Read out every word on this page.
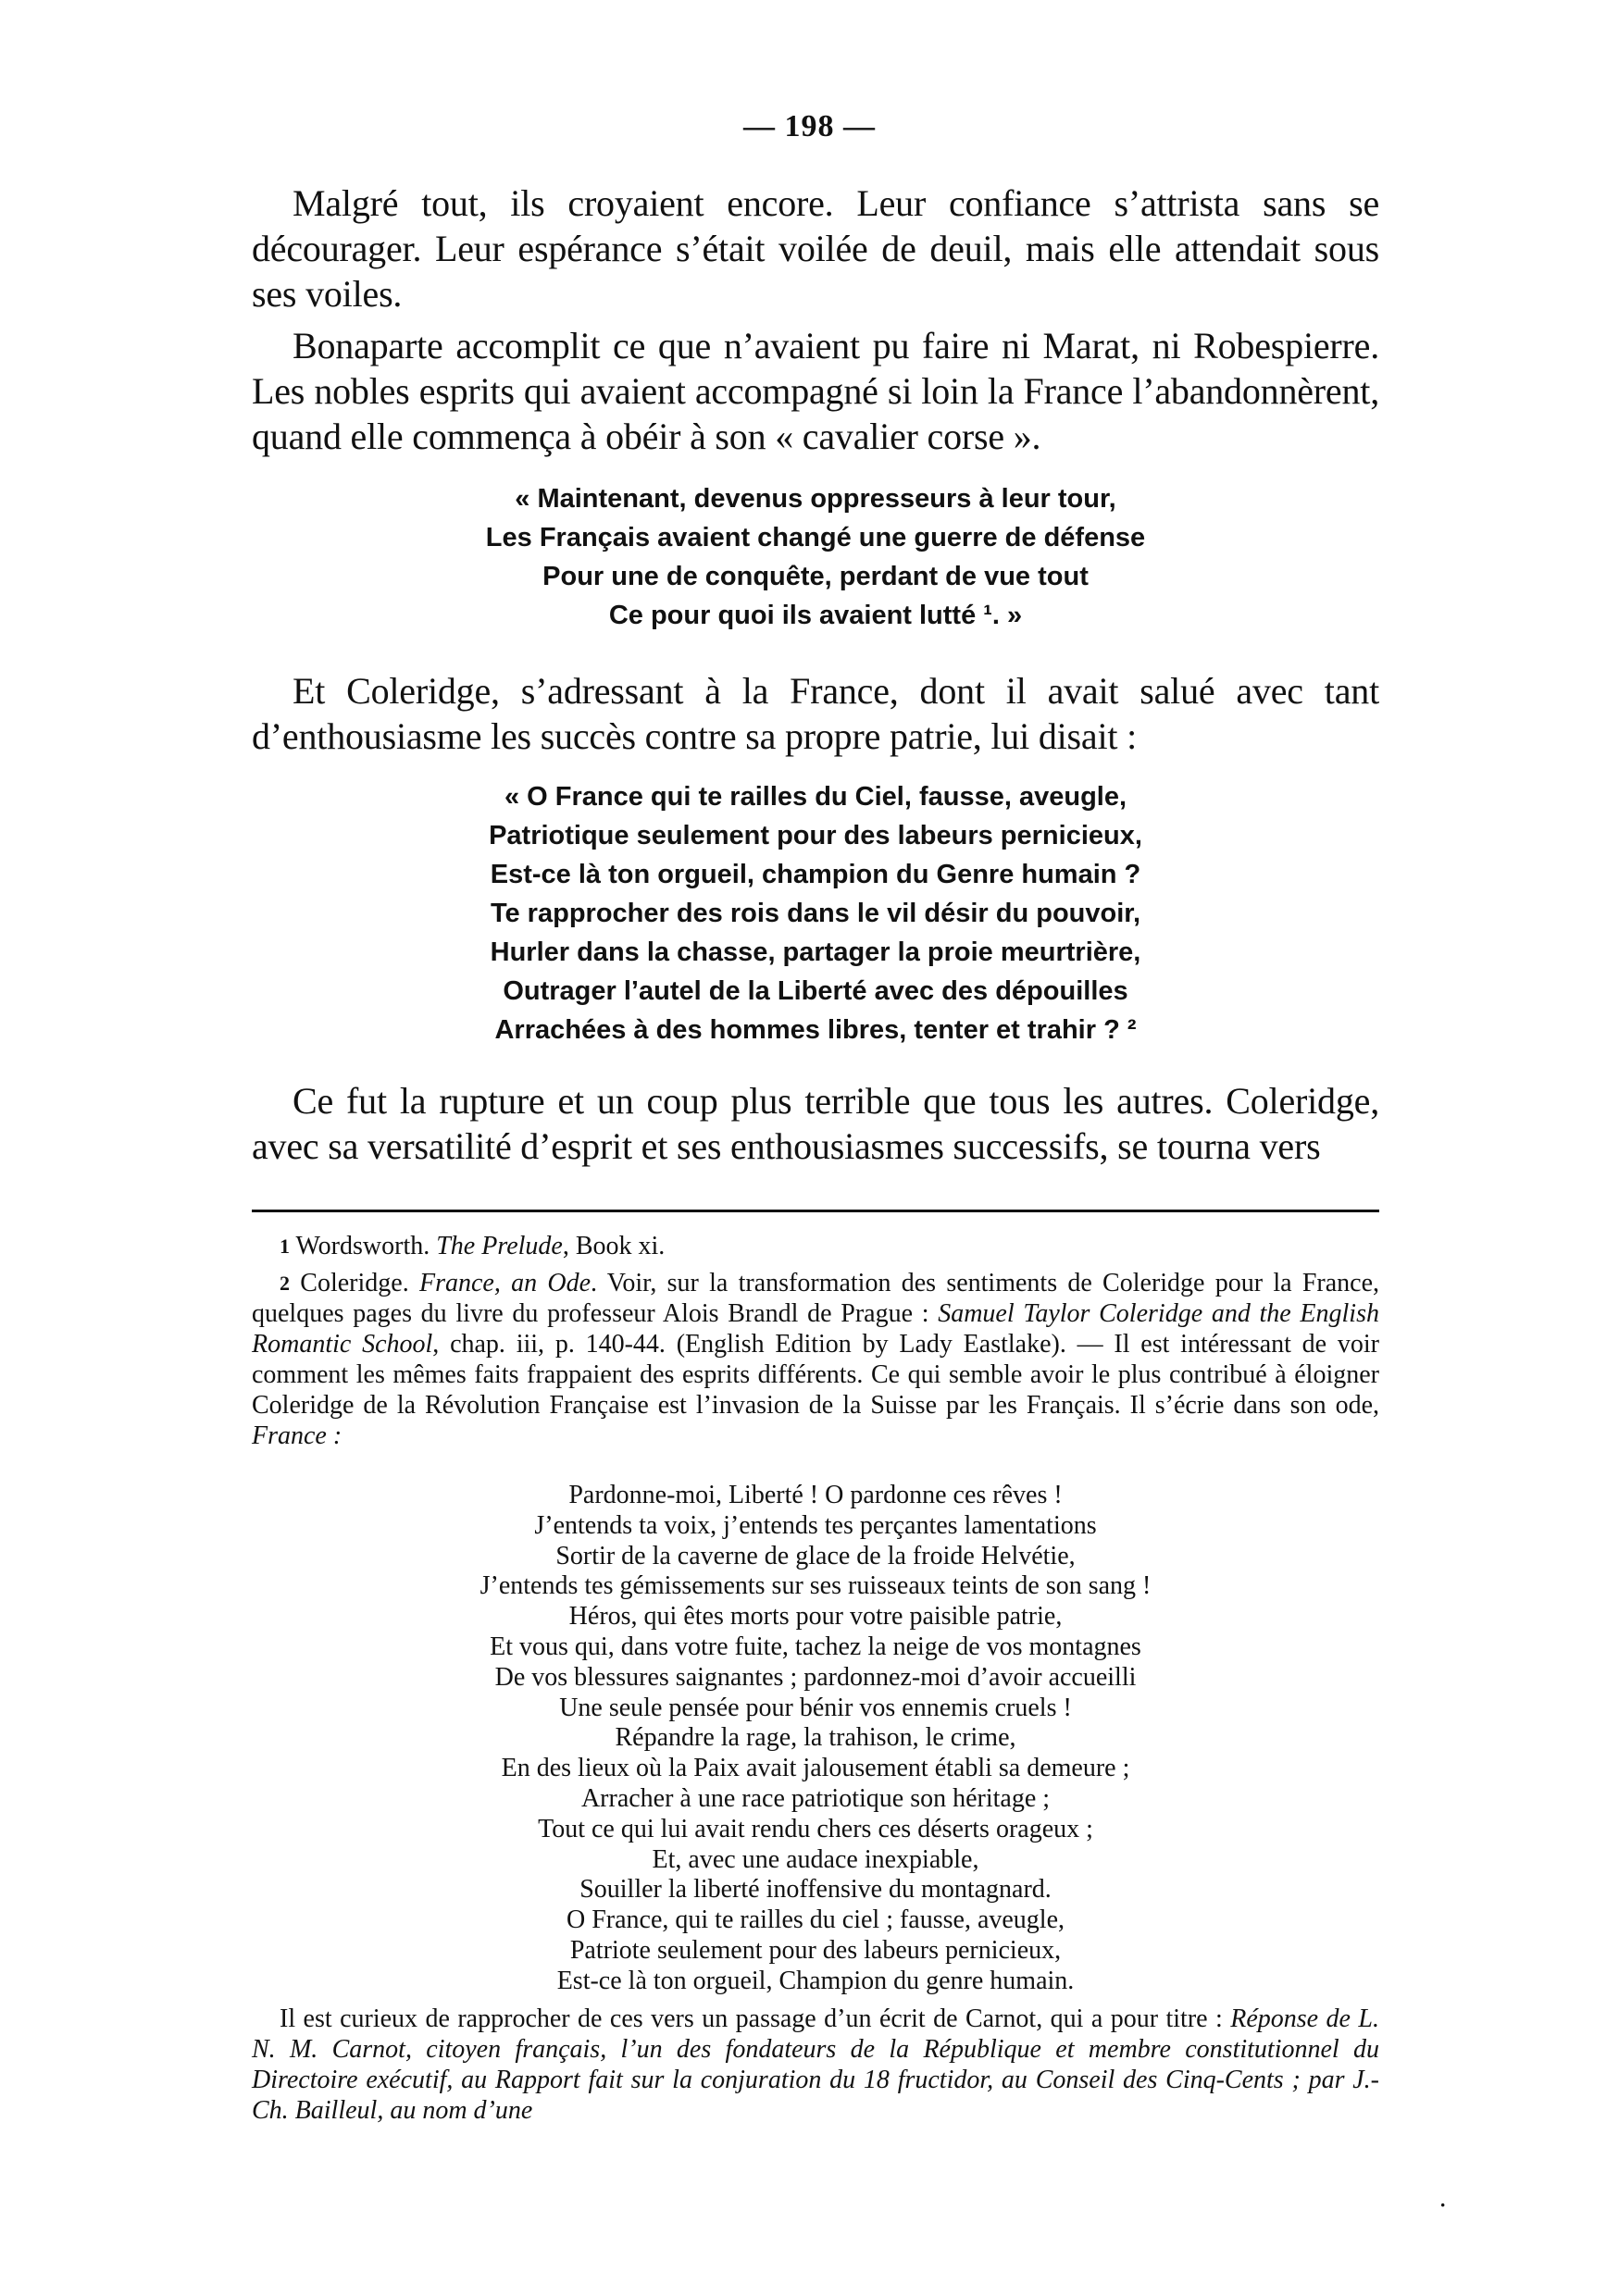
— 198 —

Malgré tout, ils croyaient encore. Leur confiance s’attrista sans se décourager. Leur espérance s’était voilée de deuil, mais elle attendait sous ses voiles.

Bonaparte accomplit ce que n’avaient pu faire ni Marat, ni Robespierre. Les nobles esprits qui avaient accompagné si loin la France l’abandonnèrent, quand elle commença à obéir à son « cavalier corse ».

« Maintenant, devenus oppresseurs à leur tour,
Les Français avaient changé une guerre de défense
Pour une de conquête, perdant de vue tout
Ce pour quoi ils avaient lutté ¹. »

Et Coleridge, s’adressant à la France, dont il avait salué avec tant d’enthousiasme les succès contre sa propre patrie, lui disait :

« O France qui te railles du Ciel, fausse, aveugle,
Patriotique seulement pour des labeurs pernicieux,
Est-ce là ton orgueil, champion du Genre humain ?
Te rapprocher des rois dans le vil désir du pouvoir,
Hurler dans la chasse, partager la proie meurtrière,
Outrager l’autel de la Liberté avec des dépouilles
Arrachées à des hommes libres, tenter et trahir ? ²

Ce fut la rupture et un coup plus terrible que tous les autres. Coleridge, avec sa versatilité d’esprit et ses enthousiasmes successifs, se tourna vers

$^1$ Wordsworth. The Prelude, Book xi.
$^2$ Coleridge. France, an Ode. Voir, sur la transformation des sentiments de Coleridge pour la France, quelques pages du livre du professeur Alois Brandl de Prague : Samuel Taylor Coleridge and the English Romantic School, chap. iii, p. 140-44. (English Edition by Lady Eastlake). — Il est intéressant de voir comment les mêmes faits frappaient des esprits différents. Ce qui semble avoir le plus contribué à éloigner Coleridge de la Révolution Française est l’invasion de la Suisse par les Français. Il s’écrie dans son ode, France :
Pardonne-moi, Liberté ! O pardonne ces rêves !
J’entends ta voix, j’entends tes perçantes lamentations
Sortir de la caverne de glace de la froide Helvétie,
J’entends tes gémissements sur ses ruisseaux teints de son sang !
Héros, qui êtes morts pour votre paisible patrie,
Et vous qui, dans votre fuite, tachez la neige de vos montagnes
De vos blessures saignantes ; pardonnez-moi d’avoir accueilli
Une seule pensée pour bénir vos ennemis cruels !
Répandre la rage, la trahison, le crime,
En des lieux où la Paix avait jalousement établi sa demeure ;
Arracher à une race patriotique son héritage ;
Tout ce qui lui avait rendu chers ces déserts orageux ;
Et, avec une audace inexpiable,
Souiller la liberté inoffensive du montagnard.
O France, qui te railles du ciel ; fausse, aveugle,
Patriote seulement pour des labeurs pernicieux,
Est-ce là ton orgueil, Champion du genre humain.
Il est curieux de rapprocher de ces vers un passage d’un écrit de Carnot, qui a pour titre : Réponse de L. N. M. Carnot, citoyen français, l’un des fondateurs de la République et membre constitutionnel du Directoire exécutif, au Rapport fait sur la conjuration du 18 fructidor, au Conseil des Cinq-Cents ; par J.-Ch. Bailleul, au nom d’une
·
